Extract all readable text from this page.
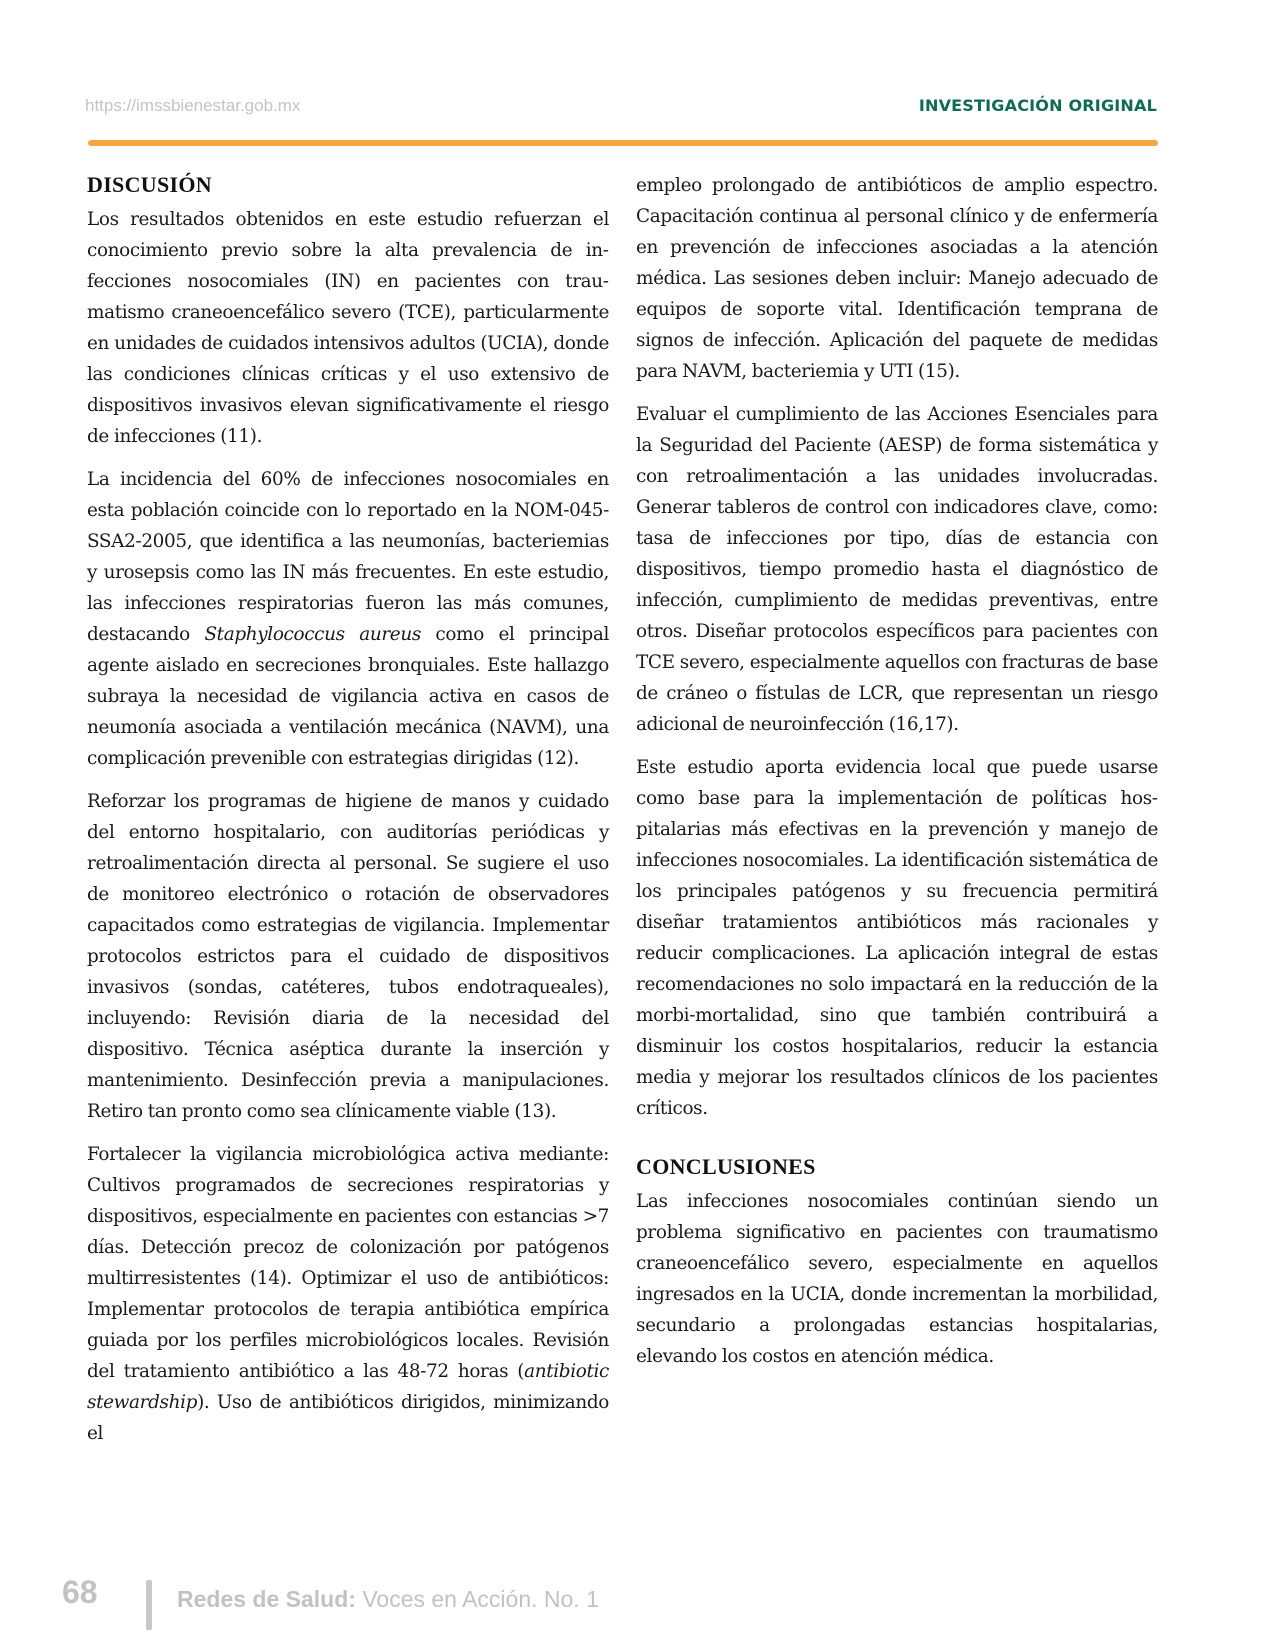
https://imssbienestar.gob.mx	INVESTIGACIÓN ORIGINAL
DISCUSIÓN

Los resultados obtenidos en este estudio refuerzan el conocimiento previo sobre la alta prevalencia de infecciones nosocomiales (IN) en pacientes con traumatismo craneoencefálico severo (TCE), particularmente en unidades de cuidados intensivos adultos (UCIA), donde las condiciones clínicas críticas y el uso extensivo de dispositivos invasivos elevan significativamente el riesgo de infecciones (11).

La incidencia del 60% de infecciones nosocomiales en esta población coincide con lo reportado en la NOM-045-SSA2-2005, que identifica a las neumonías, bacteriemias y urosepsis como las IN más frecuentes. En este estudio, las infecciones respiratorias fueron las más comunes, destacando Staphylococcus aureus como el principal agente aislado en secreciones bronquiales. Este hallazgo subraya la necesidad de vigilancia activa en casos de neumonía asociada a ventilación mecánica (NAVM), una complicación prevenible con estrategias dirigidas (12).

Reforzar los programas de higiene de manos y cuidado del entorno hospitalario, con auditorías periódicas y retroalimentación directa al personal. Se sugiere el uso de monitoreo electrónico o rotación de observadores capacitados como estrategias de vigilancia. Implementar protocolos estrictos para el cuidado de dispositivos invasivos (sondas, catéteres, tubos endotraqueales), incluyendo: Revisión diaria de la necesidad del dispositivo. Técnica aséptica durante la inserción y mantenimiento. Desinfección previa a manipulaciones. Retiro tan pronto como sea clínicamente viable (13).

Fortalecer la vigilancia microbiológica activa mediante: Cultivos programados de secreciones respiratorias y dispositivos, especialmente en pacientes con estancias >7 días. Detección precoz de colonización por patógenos multirresistentes (14). Optimizar el uso de antibióticos: Implementar protocolos de terapia antibiótica empírica guiada por los perfiles microbiológicos locales. Revisión del tratamiento antibiótico a las 48-72 horas (antibiotic stewardship). Uso de antibióticos dirigidos, minimizando el

empleo prolongado de antibióticos de amplio espectro. Capacitación continua al personal clínico y de enfermería en prevención de infecciones asociadas a la atención médica. Las sesiones deben incluir: Manejo adecuado de equipos de soporte vital. Identificación temprana de signos de infección. Aplicación del paquete de medidas para NAVM, bacteriemia y UTI (15).

Evaluar el cumplimiento de las Acciones Esenciales para la Seguridad del Paciente (AESP) de forma sistemática y con retroalimentación a las unidades involucradas. Generar tableros de control con indicadores clave, como: tasa de infecciones por tipo, días de estancia con dispositivos, tiempo promedio hasta el diagnóstico de infección, cumplimiento de medidas preventivas, entre otros. Diseñar protocolos específicos para pacientes con TCE severo, especialmente aquellos con fracturas de base de cráneo o fístulas de LCR, que representan un riesgo adicional de neuroinfección (16,17).

Este estudio aporta evidencia local que puede usarse como base para la implementación de políticas hospitalarias más efectivas en la prevención y manejo de infecciones nosocomiales. La identificación sistemática de los principales patógenos y su frecuencia permitirá diseñar tratamientos antibióticos más racionales y reducir complicaciones. La aplicación integral de estas recomendaciones no solo impactará en la reducción de la morbi-mortalidad, sino que también contribuirá a disminuir los costos hospitalarios, reducir la estancia media y mejorar los resultados clínicos de los pacientes críticos.

CONCLUSIONES

Las infecciones nosocomiales continúan siendo un problema significativo en pacientes con traumatismo craneoencefálico severo, especialmente en aquellos ingresados en la UCIA, donde incrementan la morbilidad, secundario a prolongadas estancias hospitalarias, elevando los costos en atención médica.

68	Redes de Salud: Voces en Acción. No. 1
